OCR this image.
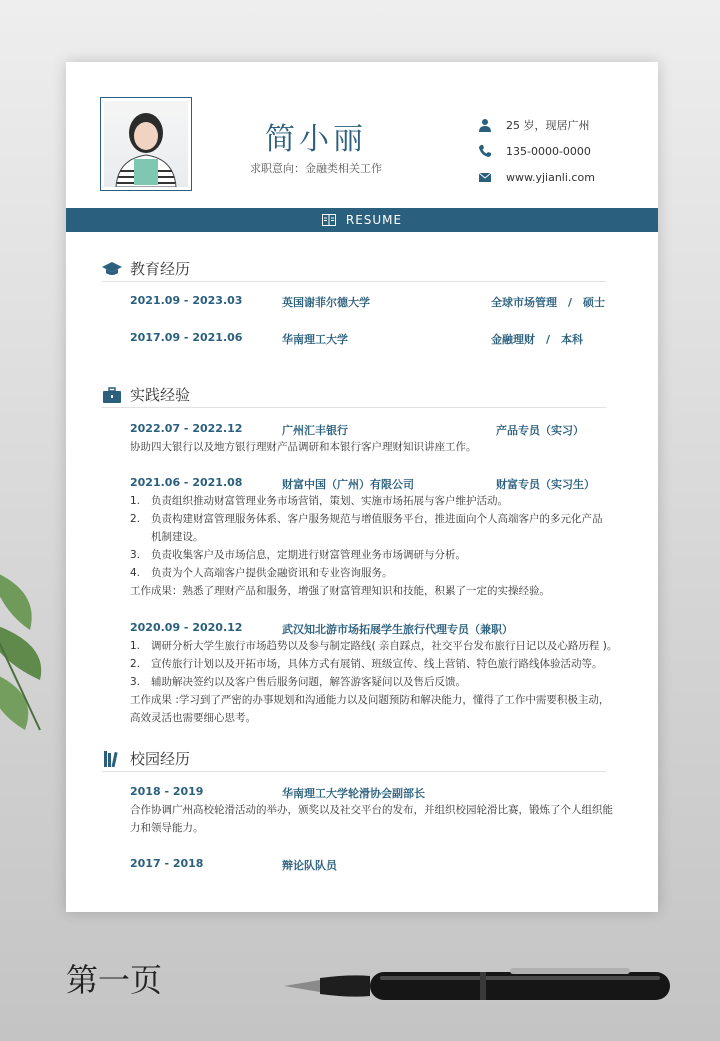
简小丽
求职意向：金融类相关工作
25 岁，现居广州
135-0000-0000
www.yjianli.com
RESUME
教育经历
2021.09 - 2023.03	英国谢菲尔德大学	全球市场管理　/　硕士
2017.09 - 2021.06	华南理工大学	金融理财　/　本科
实践经验
2022.07 - 2022.12	广州汇丰银行	产品专员（实习）
协助四大银行以及地方银行理财产品调研和本银行客户理财知识讲座工作。
2021.06 - 2021.08	财富中国（广州）有限公司	财富专员（实习生）
1. 负责组织推动财富管理业务市场营销，策划、实施市场拓展与客户维护活动。
2. 负责构建财富管理服务体系、客户服务规范与增值服务平台，推进面向个人高端客户的多元化产品
机制建设。
3. 负责收集客户及市场信息，定期进行财富管理业务市场调研与分析。
4. 负责为个人高端客户提供金融资讯和专业咨询服务。
工作成果：熟悉了理财产品和服务，增强了财富管理知识和技能，积累了一定的实操经验。
2020.09 - 2020.12	武汉知北游市场拓展学生旅行代理专员（兼职）
1. 调研分析大学生旅行市场趋势以及参与制定路线( 亲自踩点，社交平台发布旅行日记以及心路历程 )。
2. 宣传旅行计划以及开拓市场，具体方式有展销、班级宣传、线上营销、特色旅行路线体验活动等。
3. 辅助解决签约以及客户售后服务问题，解答游客疑问以及售后反馈。
工作成果 :学习到了严密的办事规划和沟通能力以及问题预防和解决能力，懂得了工作中需要积极主动，
高效灵活也需要细心思考。
校园经历
2018 - 2019	华南理工大学轮滑协会副部长
合作协调广州高校轮滑活动的举办，颁奖以及社交平台的发布，并组织校园轮滑比赛，锻炼了个人组织能
力和领导能力。
2017 - 2018	辩论队队员
第一页
